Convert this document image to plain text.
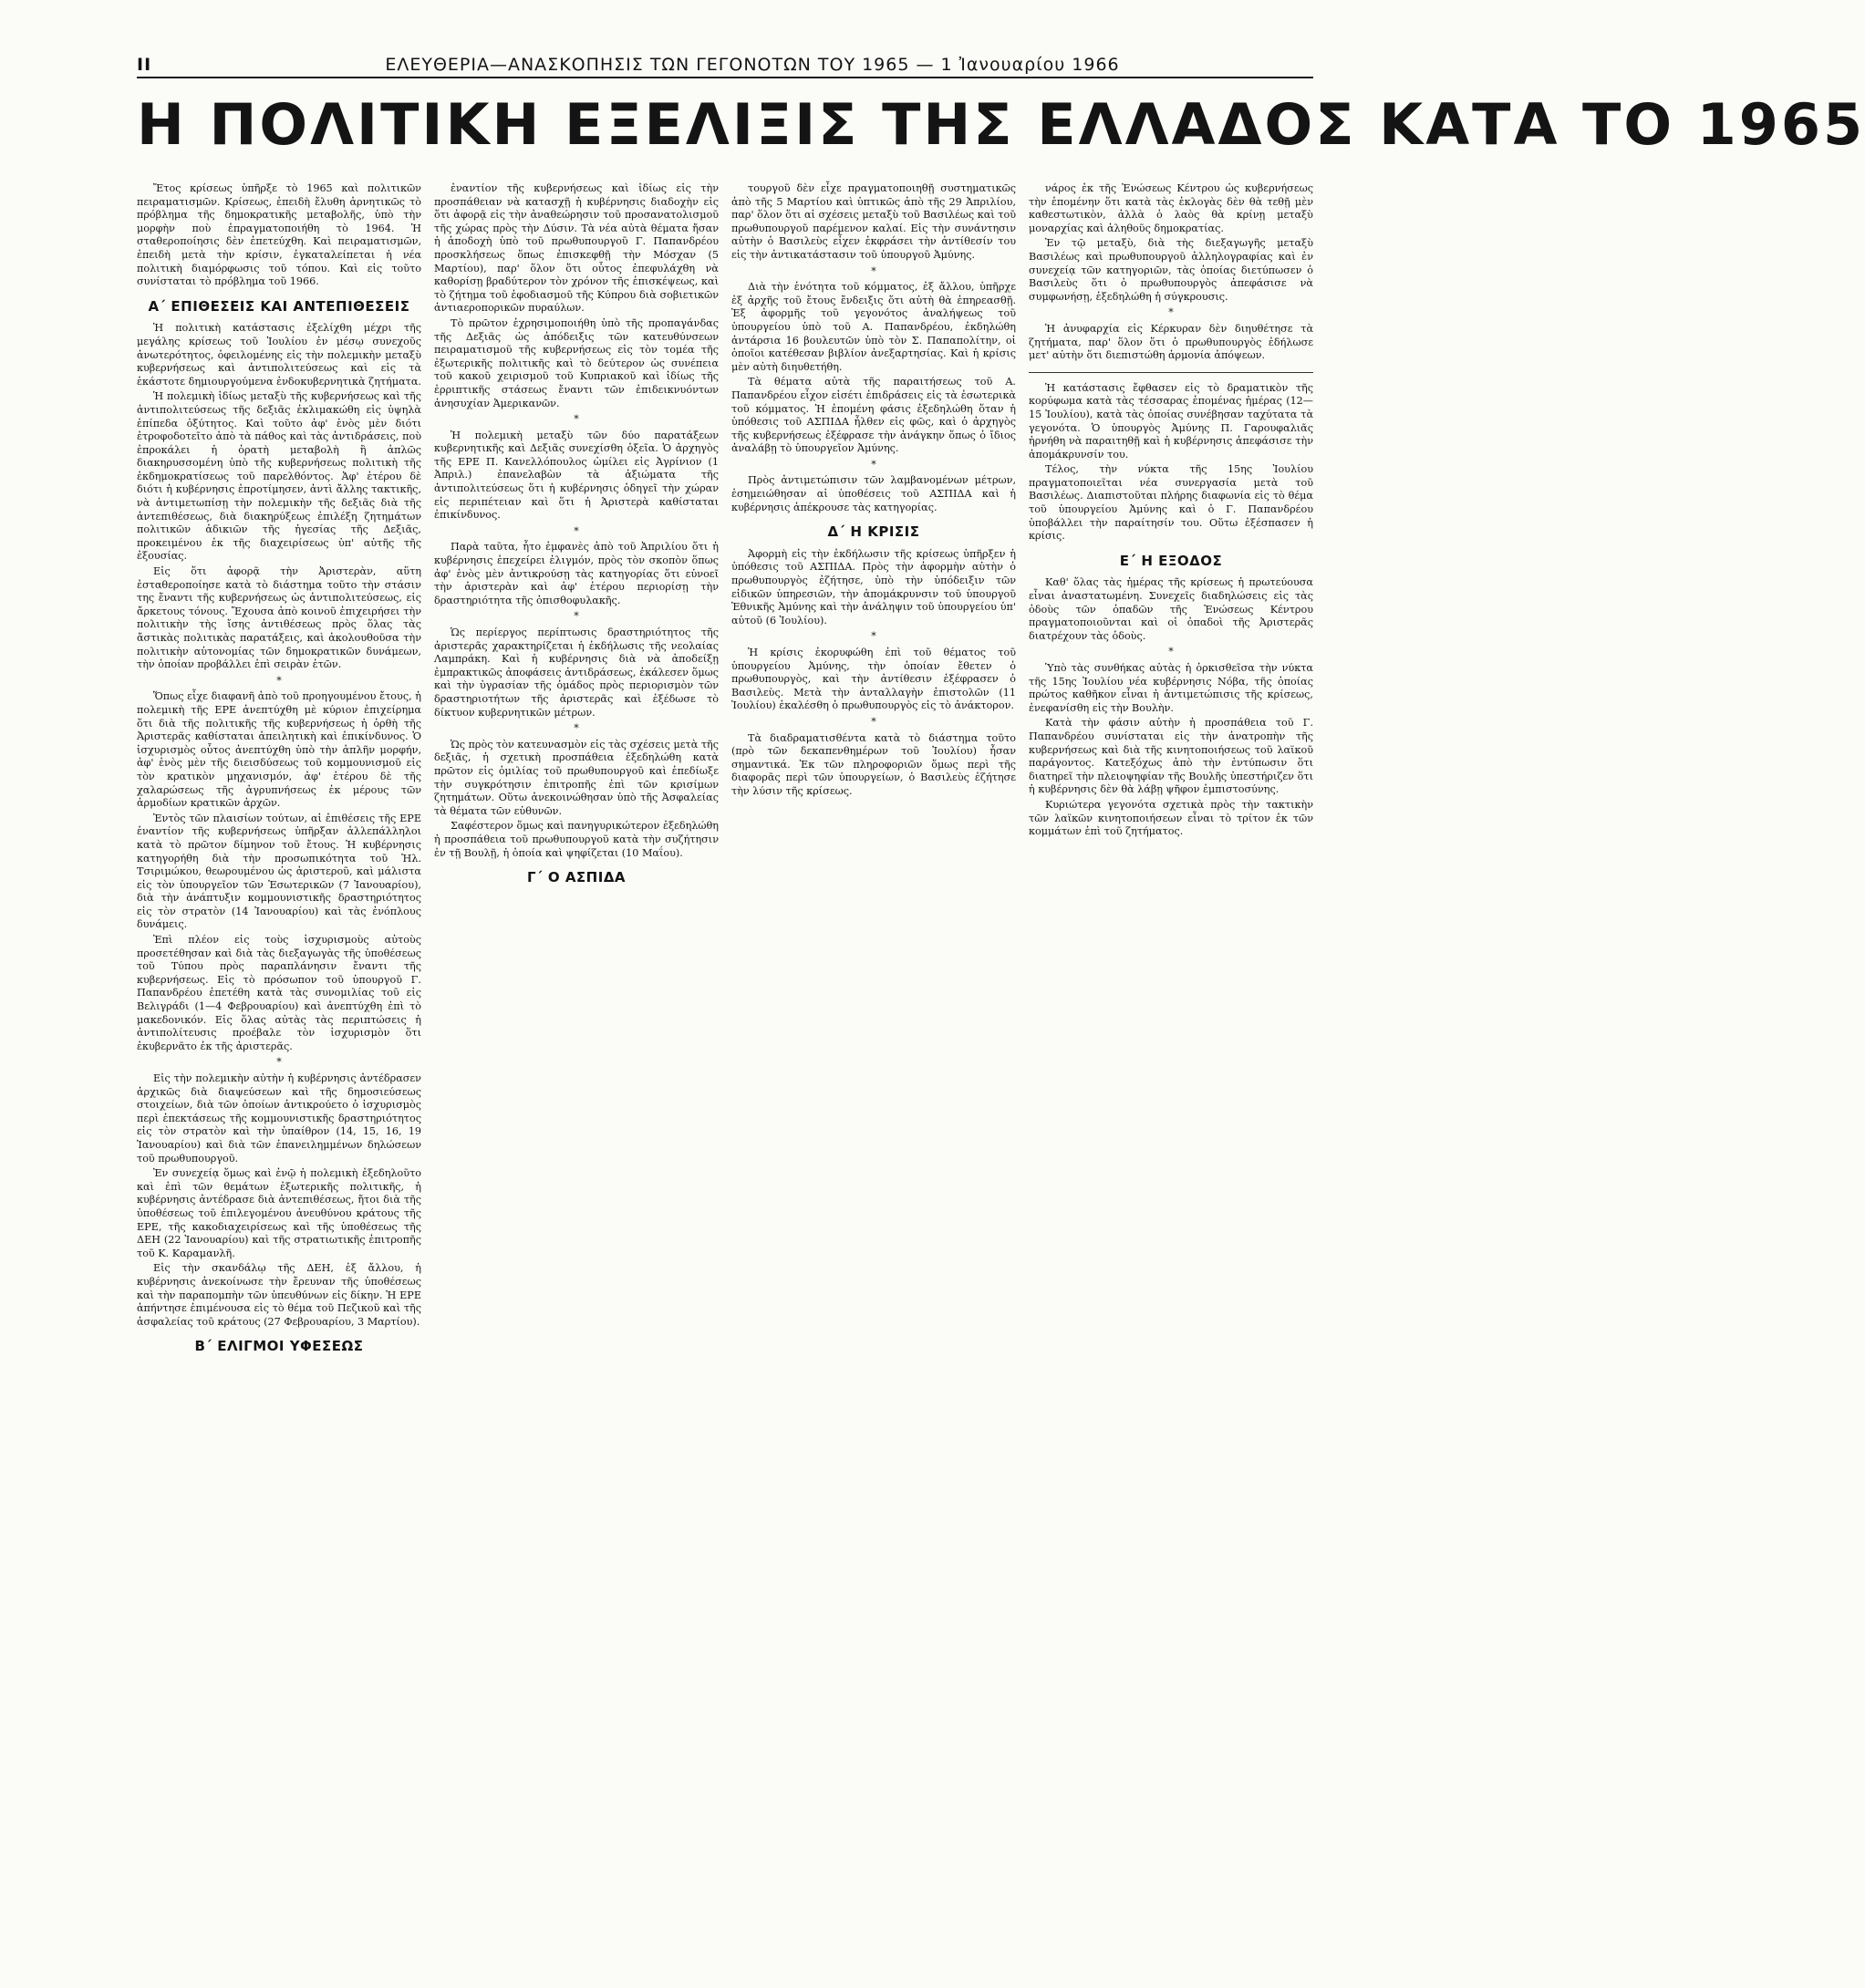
II	ΕΛΕΥΘΕΡΙΑ—ΑΝΑΣΚΟΠΗΣΙΣ ΤΩΝ ΓΕΓΟΝΟΤΩΝ ΤΟΥ 1965 — 1 Ἰανουαρίου 1966
Η ΠΟΛΙΤΙΚΗ ΕΞΕΛΙΞΙΣ ΤΗΣ ΕΛΛΑΔΟΣ ΚΑΤΑ ΤΟ 1965

Ἔτος κρίσεως ὑπῆρξε τὸ 1965 καὶ πολιτικῶν πειραματισμῶν. Κρίσεως, ἐπειδὴ ἔλυθη ἀρνητικῶς τὸ πρόβλημα τῆς δημοκρατικῆς μεταβολῆς, ὑπὸ τὴν μορφὴν ποὺ ἐπραγματοποιήθη τὸ 1964. Ἡ σταθεροποίησις δὲν ἐπετεύχθη. Καὶ πειραματισμῶν, ἐπειδὴ μετὰ τὴν κρίσιν, ἐγκαταλείπεται ἡ νέα πολιτικὴ διαμόρφωσις τοῦ τόπου. Καὶ εἰς τοῦτο συνίσταται τὸ πρόβλημα τοῦ 1966.

Α΄ ΕΠΙΘΕΣΕΙΣ ΚΑΙ ΑΝΤΕΠΙΘΕΣΕΙΣ

Ἡ πολιτικὴ κατάστασις ἐξελίχθη μέχρι τῆς μεγάλης κρίσεως τοῦ Ἰουλίου ἐν μέσῳ συνεχοῦς ἀνωτερότητος, ὀφειλομένης εἰς τὴν πολεμικὴν μεταξὺ κυβερνήσεως καὶ ἀντιπολιτεύσεως καὶ εἰς τὰ ἑκάστοτε δημιουργούμενα ἐνδοκυβερνητικὰ ζητήματα.

Ἡ πολεμικὴ ἰδίως μεταξὺ τῆς κυβερνήσεως καὶ τῆς ἀντιπολιτεύσεως τῆς δεξιᾶς ἐκλιμακώθη εἰς ὑψηλὰ ἐπίπεδα ὀξύτητος. Καὶ τοῦτο ἀφ' ἑνὸς μὲν διότι ἐτροφοδοτεῖτο ἀπὸ τὰ πάθος καὶ τὰς ἀντιδράσεις, ποὺ ἐπροκάλει ἡ ὁρατὴ μεταβολὴ ἢ ἁπλῶς διακηρυσσομένη ὑπὸ τῆς κυβερνήσεως πολιτικὴ τῆς ἐκδημοκρατίσεως τοῦ παρελθόντος. Ἀφ' ἑτέρου δὲ διότι ἡ κυβέρνησις ἐπροτίμησεν, ἀντὶ ἄλλης τακτικῆς, νὰ ἀντιμετωπίσῃ τὴν πολεμικὴν τῆς δεξιᾶς διὰ τῆς ἀντεπιθέσεως, διὰ διακηρύξεως ἐπιλέξη ζητημάτων πολιτικῶν ἀδικιῶν τῆς ἡγεσίας τῆς Δεξιᾶς, προκειμένου ἐκ τῆς διαχειρίσεως ὑπ' αὐτῆς τῆς ἐξουσίας.

Εἰς ὅτι ἀφορᾷ τὴν Ἀριστερὰν, αὕτη ἐσταθεροποίησε κατὰ τὸ διάστημα τοῦτο τὴν στάσιν της ἔναντι τῆς κυβερνήσεως ὡς ἀντιπολιτεύσεως, εἰς ἄρκετους τόνους. Ἔχουσα ἀπὸ κοινοῦ ἐπιχειρήσει τὴν πολιτικὴν τὴς ἴσης ἀντιθέσεως πρὸς ὅλας τὰς ἄστικὰς πολιτικὰς παρατάξεις, καὶ ἀκολουθοῦσα τὴν πολιτικὴν αὐτονομίας τῶν δημοκρατικῶν δυνάμεων, τὴν ὁποίαν προβάλλει ἐπὶ σειρὰν ἐτῶν.

*

Ὅπως εἶχε διαφανῆ ἀπὸ τοῦ προηγουμένου ἔτους, ἡ πολεμικὴ τῆς ΕΡΕ ἀνεπτύχθη μὲ κύριον ἐπιχείρημα ὅτι διὰ τῆς πολιτικῆς τῆς κυβερνήσεως ἡ ὀρθὴ τῆς Ἀριστερᾶς καθίσταται ἀπειλητικὴ καὶ ἐπικίνδυνος. Ὁ ἰσχυρισμὸς οὗτος ἀνεπτύχθη ὑπὸ τὴν ἁπλῆν μορφήν, ἀφ' ἑνὸς μὲν τῆς διεισδύσεως τοῦ κομμουνισμοῦ εἰς τὸν κρατικὸν μηχανισμόν, ἀφ' ἑτέρου δὲ τῆς χαλαρώσεως τῆς ἀγρυπνήσεως ἐκ μέρους τῶν ἀρμοδίων κρατικῶν ἀρχῶν.

Ἐντὸς τῶν πλαισίων τούτων, αἱ ἐπιθέσεις τῆς ΕΡΕ ἐναντίον τῆς κυβερνήσεως ὑπῆρξαν ἀλλεπάλληλοι κατὰ τὸ πρῶτον δίμηνον τοῦ ἔτους. Ἡ κυβέρνησις κατηγορήθη διὰ τὴν προσωπικότητα τοῦ Ἠλ. Τσιριμώκου, θεωρουμένου ὡς ἀριστεροῦ, καὶ μάλιστα εἰς τὸν ὑπουργεῖον τῶν Ἐσωτερικῶν (7 Ἰανουαρίου), διὰ τὴν ἀνάπτυξιν κομμουνιστικῆς δραστηριότητος εἰς τὸν στρατὸν (14 Ἰανουαρίου) καὶ τὰς ἐνόπλους δυνάμεις.

Ἐπὶ πλέον εἰς τοὺς ἰσχυρισμοὺς αὐτοὺς προσετέθησαν καὶ διὰ τὰς διεξαγωγὰς τῆς ὑποθέσεως τοῦ Τύπου πρὸς παραπλάνησιν ἔναντι τῆς κυβερνήσεως. Εἰς τὸ πρόσωπον τοῦ ὑπουργοῦ Γ. Παπανδρέου ἐπετέθη κατὰ τὰς συνομιλίας τοῦ εἰς Βελιγράδι (1—4 Φεβρουαρίου) καὶ ἀνεπτύχθη ἐπὶ τὸ μακεδονικόν. Εἰς ὅλας αὐτὰς τὰς περιπτώσεις ἡ ἀντιπολίτευσις προέβαλε τὸν ἰσχυρισμὸν ὅτι ἐκυβερνᾶτο ἐκ τῆς ἀριστερᾶς.

*

Εἰς τὴν πολεμικὴν αὐτὴν ἡ κυβέρνησις ἀντέδρασεν ἀρχικῶς διὰ διαψεύσεων καὶ τῆς δημοσιεύσεως στοιχείων, διὰ τῶν ὁποίων ἀντικρούετο ὁ ἰσχυρισμὸς περὶ ἐπεκτάσεως τῆς κομμουνιστικῆς δραστηριότητος εἰς τὸν στρατὸν καὶ τὴν ὑπαίθρον (14, 15, 16, 19 Ἰανουαρίου) καὶ διὰ τῶν ἐπανειλημμένων δηλώσεων τοῦ πρωθυπουργοῦ.

Ἐν συνεχείᾳ ὅμως καὶ ἐνῷ ἡ πολεμικὴ ἐξεδηλοῦτο καὶ ἐπὶ τῶν θεμάτων ἐξωτερικῆς πολιτικῆς, ἡ κυβέρνησις ἀντέδρασε διὰ ἀντεπιθέσεως, ἤτοι διὰ τῆς ὑποθέσεως τοῦ ἐπιλεγομένου ἀνευθύνου κράτους τῆς ΕΡΕ, τῆς κακοδιαχειρίσεως καὶ τῆς ὑποθέσεως τῆς ΔΕΗ (22 Ἰανουαρίου) καὶ τῆς στρατιωτικῆς ἐπιτροπῆς τοῦ Κ. Καραμανλῆ.

Εἰς τὴν σκανδάλῳ τῆς ΔΕΗ, ἐξ ἄλλου, ἡ κυβέρνησις ἀνεκοίνωσε τὴν ἔρευναν τῆς ὑποθέσεως καὶ τὴν παραπομπὴν τῶν ὑπευθύνων εἰς δίκην. Ἡ ΕΡΕ ἀπήντησε ἐπιμένουσα εἰς τὸ θέμα τοῦ Πεζικοῦ καὶ τῆς ἀσφαλείας τοῦ κράτους (27 Φεβρουαρίου, 3 Μαρτίου).

Β΄ ΕΛΙΓΜΟΙ ΥΦΕΣΕΩΣ

ἐναντίον τῆς κυβερνήσεως καὶ ἰδίως εἰς τὴν προσπάθειαν νὰ κατασχῇ ἡ κυβέρνησις διαδοχὴν εἰς ὅτι ἀφορᾷ εἰς τὴν ἀναθεώρησιν τοῦ προσανατολισμοῦ τῆς χώρας πρὸς τὴν Δύσιν. Τὰ νέα αὐτὰ θέματα ἤσαν ἡ ἀποδοχὴ ὑπὸ τοῦ πρωθυπουργοῦ Γ. Παπανδρέου προσκλήσεως ὅπως ἐπισκεφθῇ τὴν Μόσχαν (5 Μαρτίου), παρ' ὅλον ὅτι οὗτος ἐπεφυλάχθη νὰ καθορίσῃ βραδύτερον τὸν χρόνον τῆς ἐπισκέψεως, καὶ τὸ ζήτημα τοῦ ἐφοδιασμοῦ τῆς Κύπρου διὰ σοβιετικῶν ἀντιαεροπορικῶν πυραύλων.

Τὸ πρῶτον ἐχρησιμοποιήθη ὑπὸ τῆς προπαγάνδας τῆς Δεξιᾶς ὡς ἀπόδειξις τῶν κατευθύνσεων πειραματισμοῦ τῆς κυβερνήσεως εἰς τὸν τομέα τῆς ἐξωτερικῆς πολιτικῆς καὶ τὸ δεύτερον ὡς συνέπεια τοῦ κακοῦ χειρισμοῦ τοῦ Κυπριακοῦ καὶ ἰδίως τῆς ἐρριπτικῆς στάσεως ἔναντι τῶν ἐπιδεικνυόντων ἀνησυχίαν Ἀμερικανῶν.

*

Ἡ πολεμικὴ μεταξὺ τῶν δύο παρατάξεων κυβερνητικῆς καὶ Δεξιᾶς συνεχίσθη ὀξεῖα. Ὁ ἀρχηγὸς τῆς ΕΡΕ Π. Κανελλόπουλος ὡμίλει εἰς Ἀγρίνιον (1 Ἀπριλ.) ἐπανελαβὼν τὰ ἀξιώματα τῆς ἀντιπολιτεύσεως ὅτι ἡ κυβέρνησις ὁδηγεῖ τὴν χώραν εἰς περιπέτειαν καὶ ὅτι ἡ Ἀριστερὰ καθίσταται ἐπικίνδυνος.

*

Παρὰ ταῦτα, ἦτο ἐμφανὲς ἀπὸ τοῦ Ἀπριλίου ὅτι ἡ κυβέρνησις ἐπεχείρει ἐλιγμόν, πρὸς τὸν σκοπὸν ὅπως ἀφ' ἑνὸς μὲν ἀντικρούσῃ τὰς κατηγορίας ὅτι εὐνοεῖ τὴν ἀριστερὰν καὶ ἀφ' ἑτέρου περιορίσῃ τὴν δραστηριότητα τῆς ὁπισθοφυλακῆς.

*

Ὡς περίεργος περίπτωσις δραστηριότητος τῆς ἀριστερᾶς χαρακτηρίζεται ἡ ἐκδήλωσις τῆς νεολαίας Λαμπράκη. Καὶ ἡ κυβέρνησις διὰ νὰ ἀποδείξῃ ἐμπρακτικῶς ἀποφάσεις ἀντιδράσεως, ἐκάλεσεν ὅμως καὶ τὴν ὑγρασίαν τῆς ὁμάδος πρὸς περιορισμὸν τῶν δραστηριοτήτων τῆς ἀριστερᾶς καὶ ἐξέδωσε τὸ δίκτυον κυβερνητικῶν μέτρων.

*

Ὡς πρὸς τὸν κατευνασμὸν εἰς τὰς σχέσεις μετὰ τῆς δεξιᾶς, ἡ σχετικὴ προσπάθεια ἐξεδηλώθη κατὰ πρῶτον εἰς ὁμιλίας τοῦ πρωθυπουργοῦ καὶ ἐπεδίωξε τὴν συγκρότησιν ἐπιτροπῆς ἐπὶ τῶν κρισίμων ζητημάτων. Οὕτω ἀνεκοινώθησαν ὑπὸ τῆς Ἀσφαλείας τὰ θέματα τῶν εὐθυνῶν.

Σαφέστερον ὅμως καὶ πανηγυρικώτερον ἐξεδηλώθη ἡ προσπάθεια τοῦ πρωθυπουργοῦ κατὰ τὴν συζήτησιν ἐν τῇ Βουλῇ, ἡ ὁποία καὶ ψηφίζεται (10 Μαΐου).

Γ΄ Ο ΑΣΠΙΔΑ

τουργοῦ δὲν εἶχε πραγματοποιηθῇ συστηματικῶς ἀπὸ τῆς 5 Μαρτίου καὶ ὑπτικῶς ἀπὸ τῆς 29 Ἀπριλίου, παρ' ὅλον ὅτι αἱ σχέσεις μεταξὺ τοῦ Βασιλέως καὶ τοῦ πρωθυπουργοῦ παρέμενον καλαί. Εἰς τὴν συνάντησιν αὐτὴν ὁ Βασιλεὺς εἶχεν ἐκφράσει τὴν ἀντίθεσίν του εἰς τὴν ἀντικατάστασιν τοῦ ὑπουργοῦ Ἀμύνης.

*

Διὰ τὴν ἑνότητα τοῦ κόμματος, ἐξ ἄλλου, ὑπῆρχε ἐξ ἀρχῆς τοῦ ἔτους ἔνδειξις ὅτι αὐτὴ θὰ ἐπηρεασθῇ. Ἐξ ἀφορμῆς τοῦ γεγονότος ἀναλήψεως τοῦ ὑπουργείου ὑπὸ τοῦ Α. Παπανδρέου, ἐκδηλώθη ἀντάρσια 16 βουλευτῶν ὑπὸ τὸν Σ. Παπαπολίτην, οἱ ὁποῖοι κατέθεσαν βιβλίον ἀνεξαρτησίας. Καὶ ἡ κρίσις μὲν αὐτὴ διηυθετήθη.

Τὰ θέματα αὐτὰ τῆς παραιτήσεως τοῦ Α. Παπανδρέου εἶχον εἰσέτι ἐπιδράσεις εἰς τὰ ἐσωτερικὰ τοῦ κόμματος. Ἡ ἐπομένη φάσις ἐξεδηλώθη ὅταν ἡ ὑπόθεσις τοῦ ΑΣΠΙΔΑ ἦλθεν εἰς φῶς, καὶ ὁ ἀρχηγὸς τῆς κυβερνήσεως ἐξέφρασε τὴν ἀνάγκην ὅπως ὁ ἴδιος ἀναλάβῃ τὸ ὑπουργεῖον Ἀμύνης.

*

Πρὸς ἀντιμετώπισιν τῶν λαμβανομένων μέτρων, ἐσημειώθησαν αἱ ὑποθέσεις τοῦ ΑΣΠΙΔΑ καὶ ἡ κυβέρνησις ἀπέκρουσε τὰς κατηγορίας.

Δ΄ Η ΚΡΙΣΙΣ

Ἀφορμὴ εἰς τὴν ἐκδήλωσιν τῆς κρίσεως ὑπῆρξεν ἡ ὑπόθεσις τοῦ ΑΣΠΙΔΑ. Πρὸς τὴν ἀφορμὴν αὐτὴν ὁ πρωθυπουργὸς ἐζήτησε, ὑπὸ τὴν ὑπόδειξιν τῶν εἰδικῶν ὑπηρεσιῶν, τὴν ἀπομάκρυνσιν τοῦ ὑπουργοῦ Ἐθνικῆς Ἀμύνης καὶ τὴν ἀνάληψιν τοῦ ὑπουργείου ὑπ' αὐτοῦ (6 Ἰουλίου).

*

Ἡ κρίσις ἐκορυφώθη ἐπὶ τοῦ θέματος τοῦ ὑπουργείου Ἀμύνης, τὴν ὁποίαν ἔθετεν ὁ πρωθυπουργὸς, καὶ τὴν ἀντίθεσιν ἐξέφρασεν ὁ Βασιλεὺς. Μετὰ τὴν ἀνταλλαγὴν ἐπιστολῶν (11 Ἰουλίου) ἐκαλέσθη ὁ πρωθυπουργὸς εἰς τὸ ἀνάκτορον.

*

Τὰ διαδραματισθέντα κατὰ τὸ διάστημα τοῦτο (πρὸ τῶν δεκαπενθημέρων τοῦ Ἰουλίου) ἦσαν σημαντικά. Ἐκ τῶν πληροφοριῶν ὅμως περὶ τῆς διαφορᾶς περὶ τῶν ὑπουργείων, ὁ Βασιλεὺς ἐζήτησε τὴν λύσιν τῆς κρίσεως.

νάρος ἐκ τῆς Ἑνώσεως Κέντρου ὡς κυβερνήσεως τὴν ἐπομένην ὅτι κατὰ τὰς ἐκλογὰς δὲν θὰ τεθῇ μὲν καθεστωτικὸν, ἀλλὰ ὁ λαὸς θὰ κρίνῃ μεταξὺ μοναρχίας καὶ ἀληθοῦς δημοκρατίας.

Ἐν τῷ μεταξὺ, διὰ τὴς διεξαγωγῆς μεταξὺ Βασιλέως καὶ πρωθυπουργοῦ ἀλληλογραφίας καὶ ἐν συνεχείᾳ τῶν κατηγοριῶν, τὰς ὁποίας διετύπωσεν ὁ Βασιλεὺς ὅτι ὁ πρωθυπουργὸς ἀπεφάσισε νὰ συμφωνήσῃ, ἐξεδηλώθη ἡ σύγκρουσις.

*

Ἡ ἀνυφαρχία εἰς Κέρκυραν δὲν διηυθέτησε τὰ ζητήματα, παρ' ὅλον ὅτι ὁ πρωθυπουργὸς ἐδήλωσε μετ' αὐτὴν ὅτι διεπιστώθη ἁρμονία ἀπόψεων.

Ἡ κατάστασις ἔφθασεν εἰς τὸ δραματικὸν τῆς κορύφωμα κατὰ τὰς τέσσαρας ἐπομένας ἡμέρας (12—15 Ἰουλίου), κατὰ τὰς ὁποίας συνέβησαν ταχύτατα τὰ γεγονότα. Ὁ ὑπουργὸς Ἀμύνης Π. Γαρουφαλιᾶς ἠρνήθη νὰ παραιτηθῇ καὶ ἡ κυβέρνησις ἀπεφάσισε τὴν ἀπομάκρυνσίν του.

Τέλος, τὴν νύκτα τῆς 15ης Ἰουλίου πραγματοποιεῖται νέα συνεργασία μετὰ τοῦ Βασιλέως. Διαπιστοῦται πλήρης διαφωνία εἰς τὸ θέμα τοῦ ὑπουργείου Ἀμύνης καὶ ὁ Γ. Παπανδρέου ὑποβάλλει τὴν παραίτησίν του. Οὕτω ἐξέσπασεν ἡ κρίσις.

Ε΄ Η ΕΞΟΔΟΣ

Καθ' ὅλας τὰς ἡμέρας τῆς κρίσεως ἡ πρωτεύουσα εἶναι ἀναστατωμένη. Συνεχεῖς διαδηλώσεις εἰς τὰς ὁδοὺς τῶν ὀπαδῶν τῆς Ἑνώσεως Κέντρου πραγματοποιοῦνται καὶ οἱ ὀπαδοὶ τῆς Ἀριστερᾶς διατρέχουν τὰς ὁδοὺς.

*

Ὑπὸ τὰς συνθήκας αὐτὰς ἡ ὁρκισθεῖσα τὴν νύκτα τῆς 15ης Ἰουλίου νέα κυβέρνησις Νόβα, τῆς ὁποίας πρώτος καθῆκον εἶναι ἡ ἀντιμετώπισις τῆς κρίσεως, ἐνεφανίσθη εἰς τὴν Βουλὴν.

Κατὰ τὴν φάσιν αὐτὴν ἡ προσπάθεια τοῦ Γ. Παπανδρέου συνίσταται εἰς τὴν ἀνατροπὴν τῆς κυβερνήσεως καὶ διὰ τῆς κινητοποιήσεως τοῦ λαϊκοῦ παράγοντος. Κατεξόχως ἀπὸ τὴν ἐντύπωσιν ὅτι διατηρεῖ τὴν πλειοψηφίαν τῆς Βουλῆς ὑπεστήριζεν ὅτι ἡ κυβέρνησις δὲν θὰ λάβῃ ψῆφον ἐμπιστοσύνης.

Κυριώτερα γεγονότα σχετικὰ πρὸς τὴν τακτικὴν τῶν λαϊκῶν κινητοποιήσεων εἶναι τὸ τρίτον ἐκ τῶν κομμάτων ἐπὶ τοῦ ζητήματος.
